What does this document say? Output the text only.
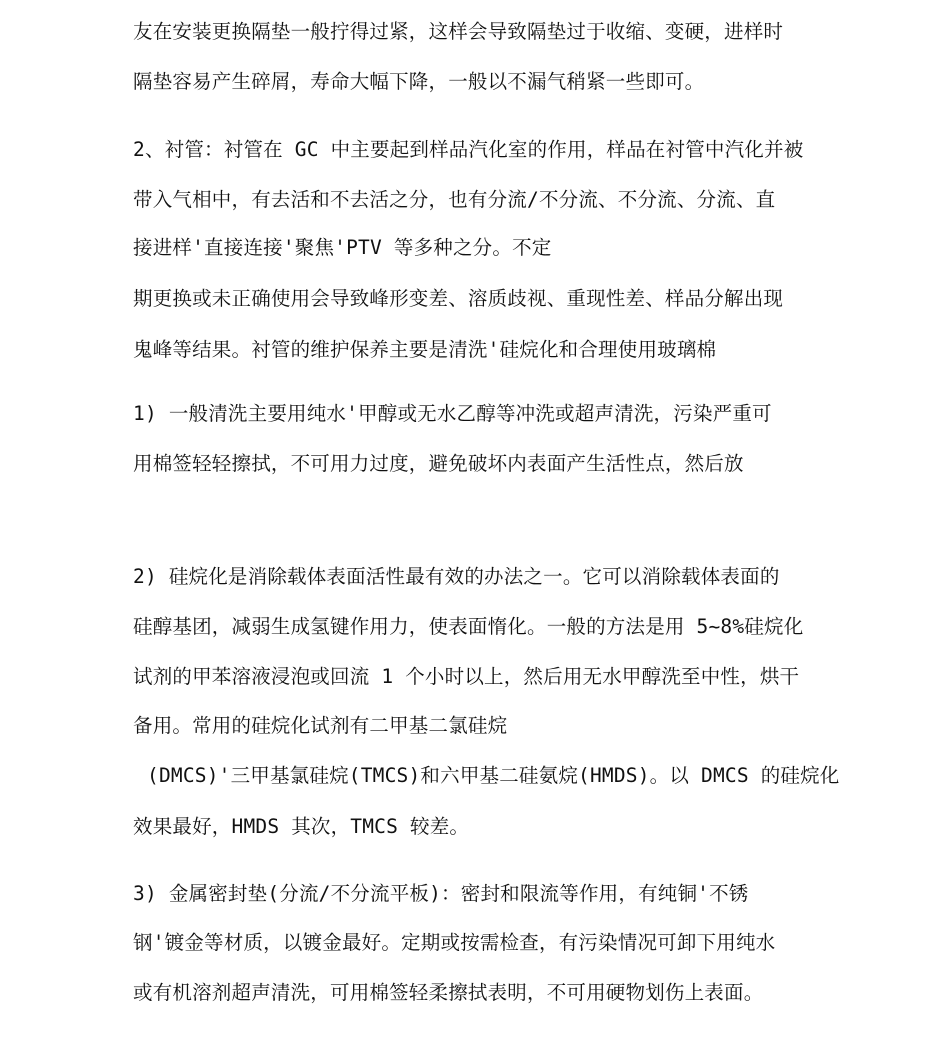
友在安装更换隔垫一般拧得过紧，这样会导致隔垫过于收缩、变硬，进样时
隔垫容易产生碎屑，寿命大幅下降，一般以不漏气稍紧一些即可。
2、衬管：衬管在 GC 中主要起到样品汽化室的作用，样品在衬管中汽化并被
带入气相中，有去活和不去活之分，也有分流/不分流、不分流、分流、直
接进样'直接连接'聚焦'PTV 等多种之分。不定
期更换或未正确使用会导致峰形变差、溶质歧视、重现性差、样品分解出现
鬼峰等结果。衬管的维护保养主要是清洗'硅烷化和合理使用玻璃棉
1) 一般清洗主要用纯水'甲醇或无水乙醇等冲洗或超声清洗，污染严重可
用棉签轻轻擦拭，不可用力过度，避免破坏内表面产生活性点，然后放
2) 硅烷化是消除载体表面活性最有效的办法之一。它可以消除载体表面的
硅醇基团，减弱生成氢键作用力，使表面惰化。一般的方法是用 5~8%硅烷化
试剂的甲苯溶液浸泡或回流 1 个小时以上，然后用无水甲醇洗至中性，烘干
备用。常用的硅烷化试剂有二甲基二氯硅烷
(DMCS)'三甲基氯硅烷(TMCS)和六甲基二硅氨烷(HMDS)。以 DMCS 的硅烷化
效果最好，HMDS 其次，TMCS 较差。
3) 金属密封垫(分流/不分流平板)：密封和限流等作用，有纯铜'不锈
钢'镀金等材质，以镀金最好。定期或按需检查，有污染情况可卸下用纯水
或有机溶剂超声清洗，可用棉签轻柔擦拭表明，不可用硬物划伤上表面。
